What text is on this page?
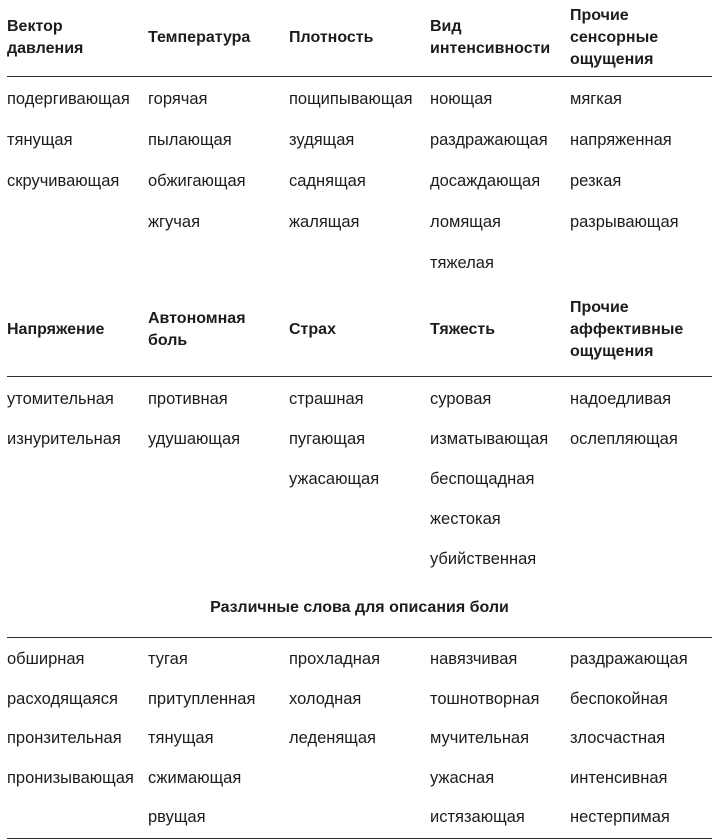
Вектор давления
Температура	Плотность
Вид интенсивности
Прочие сенсорные ощущения
подергивающая
тянущая
скручивающая
горячая
пылающая
обжигающая
жгучая
пощипывающая
зудящая
саднящая
жалящая
ноющая
раздражающая
досаждающая
ломящая
тяжелая
мягкая
напряженная
резкая
разрывающая
Напряжение
Автономная боль
Страх	Тяжесть
Прочие аффективные ощущения
утомительная
изнурительная
противная
удушающая
страшная
пугающая
ужасающая
суровая
изматывающая
беспощадная
жестокая
убийственная
надоедливая
ослепляющая
Различные слова для описания боли
обширная
расходящаяся
пронзительная
пронизывающая
тугая
притупленная
тянущая
сжимающая
рвущая
прохладная
холодная
леденящая
навязчивая
тошнотворная
мучительная
ужасная
истязающая
раздражающая
беспокойная
злосчастная
интенсивная
нестерпимая
